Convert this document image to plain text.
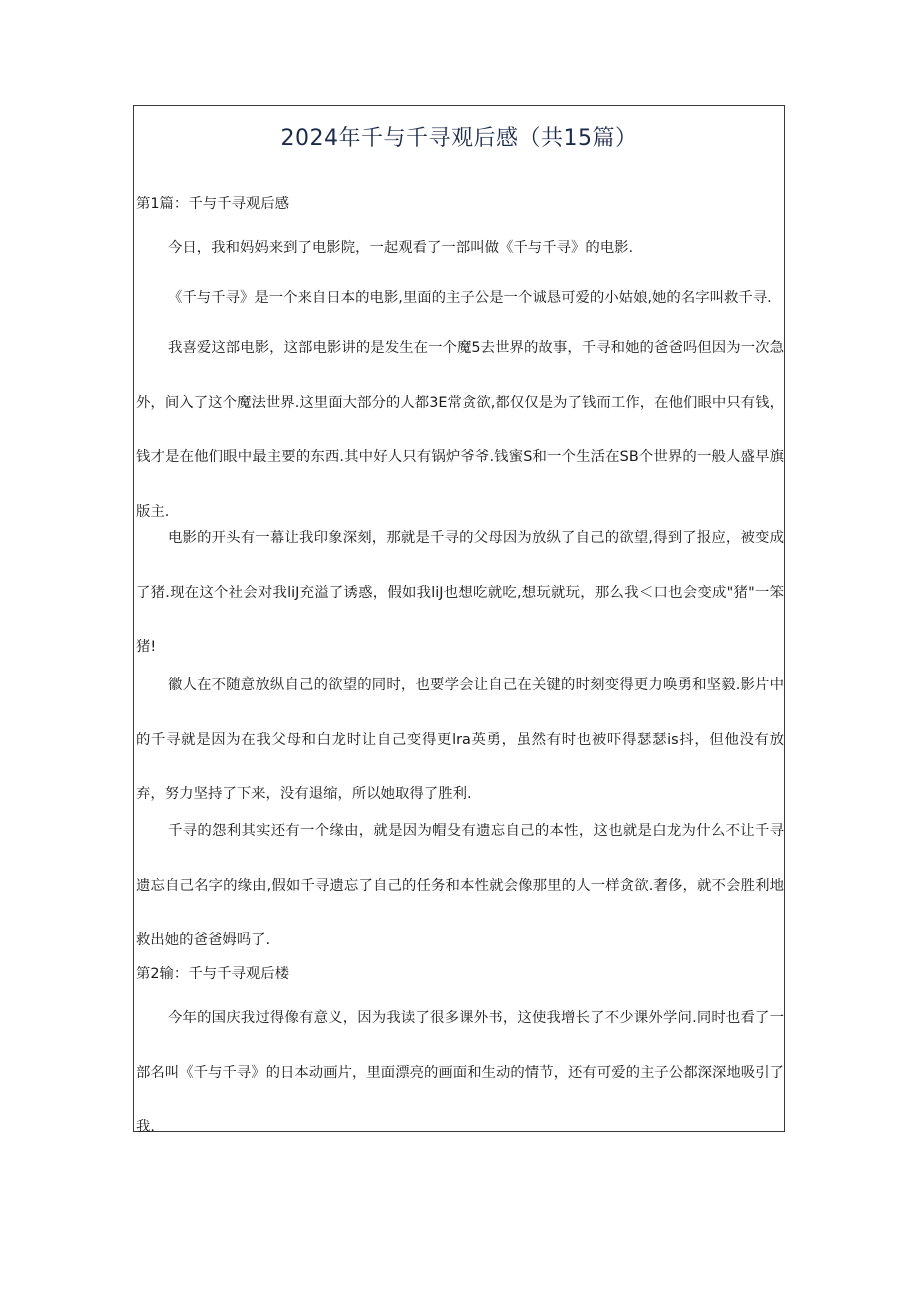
2024年千与千寻观后感（共15篇）
第1篇：千与千寻观后感

今日，我和妈妈来到了电影院，一起观看了一部叫做《千与千寻》的电影.

《千与千寻》是一个来自日本的电影,里面的主子公是一个诚恳可爱的小姑娘,她的名字叫救千寻.

我喜爱这部电影，这部电影讲的是发生在一个魔5去世界的故事，千寻和她的爸爸吗但因为一次急外，间入了这个魔法世界.这里面大部分的人都3E常贪欲,都仅仅是为了钱而工作，在他们眼中只有钱，钱才是在他们眼中最主要的东西.其中好人只有锅炉爷爷.钱蜜S和一个生活在SB个世界的一般人盛早旗版主.

电影的开头有一幕让我印象深刻，那就是千寻的父母因为放纵了自己的欲望,得到了报应，被变成了猪.现在这个社会对我liJ充溢了诱惑，假如我liJ也想吃就吃,想玩就玩，那么我＜口也会变成"猪"一笨猪!

徽人在不随意放纵自己的欲望的同时，也要学会让自己在关键的时刻变得更力唤勇和坚毅.影片中的千寻就是因为在我父母和白龙时让自己变得更lra英勇，虽然有时也被吓得瑟瑟is抖，但他没有放弃，努力坚持了下来，没有退缩，所以她取得了胜利.

千寻的怨利其实还有一个缘由，就是因为帽殳有遗忘自己的本性，这也就是白龙为什么不让千寻遗忘自己名字的缘由,假如千寻遗忘了自己的任务和本性就会像那里的人一样贪欲.奢侈，就不会胜利地救出她的爸爸姆吗了.

第2输：千与千寻观后楼

今年的国庆我过得像有意义，因为我读了很多课外书，这使我增长了不少课外学问.同时也看了一部名叫《千与千寻》的日本动画片，里面漂亮的画面和生动的情节，还有可爱的主子公都深深地吸引了我.
